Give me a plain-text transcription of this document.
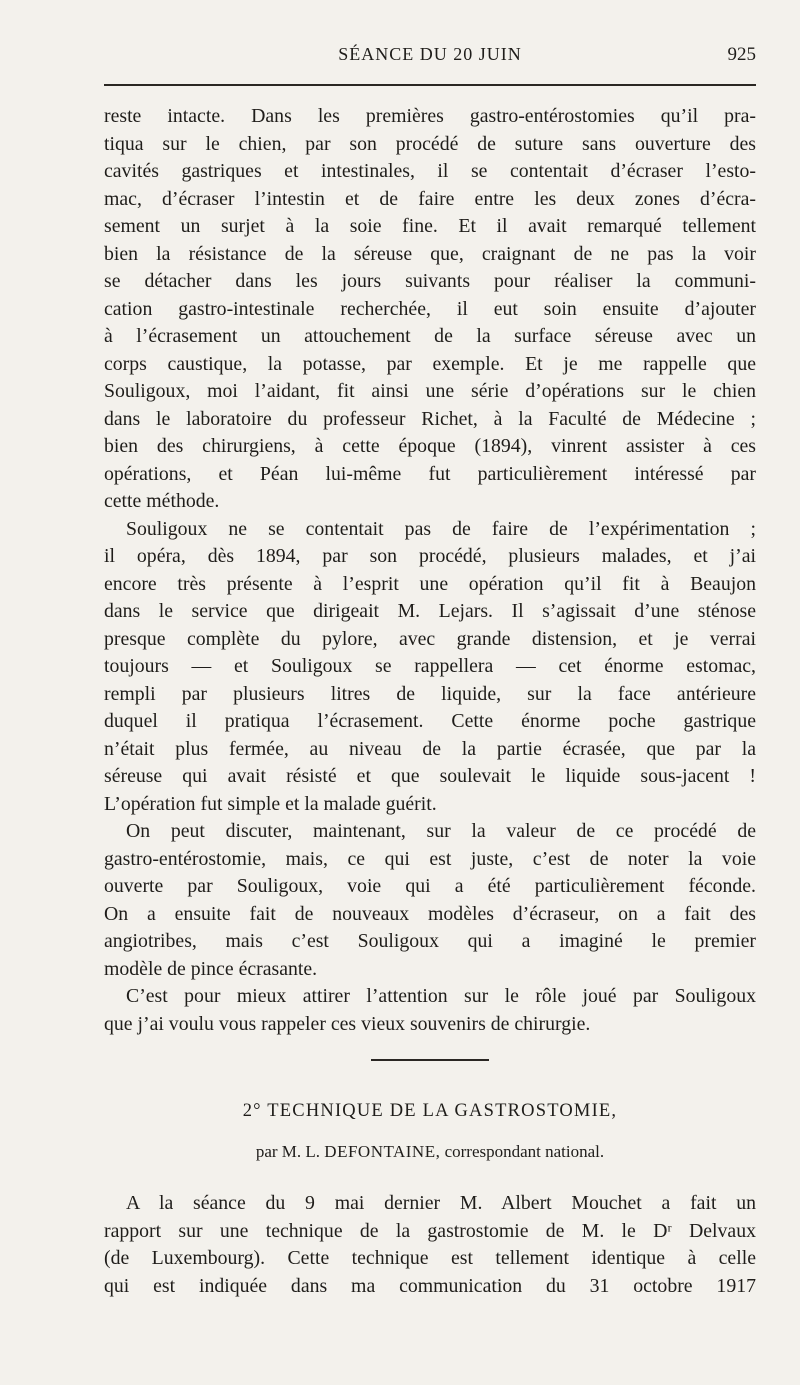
SÉANCE DU 20 JUIN	925

reste intacte. Dans les premières gastro-entérostomies qu’il pra-
tiqua sur le chien, par son procédé de suture sans ouverture des
cavités gastriques et intestinales, il se contentait d’écraser l’esto-
mac, d’écraser l’intestin et de faire entre les deux zones d’écra-
sement un surjet à la soie fine. Et il avait remarqué tellement
bien la résistance de la séreuse que, craignant de ne pas la voir
se détacher dans les jours suivants pour réaliser la communi-
cation gastro-intestinale recherchée, il eut soin ensuite d’ajouter
à l’écrasement un attouchement de la surface séreuse avec un
corps caustique, la potasse, par exemple. Et je me rappelle que
Souligoux, moi l’aidant, fit ainsi une série d’opérations sur le chien
dans le laboratoire du professeur Richet, à la Faculté de Médecine ;
bien des chirurgiens, à cette époque (1894), vinrent assister à ces
opérations, et Péan lui-même fut particulièrement intéressé par
cette méthode.

Souligoux ne se contentait pas de faire de l’expérimentation ;
il opéra, dès 1894, par son procédé, plusieurs malades, et j’ai
encore très présente à l’esprit une opération qu’il fit à Beaujon
dans le service que dirigeait M. Lejars. Il s’agissait d’une sténose
presque complète du pylore, avec grande distension, et je verrai
toujours — et Souligoux se rappellera — cet énorme estomac,
rempli par plusieurs litres de liquide, sur la face antérieure
duquel il pratiqua l’écrasement. Cette énorme poche gastrique
n’était plus fermée, au niveau de la partie écrasée, que par la
séreuse qui avait résisté et que soulevait le liquide sous-jacent !
L’opération fut simple et la malade guérit.

On peut discuter, maintenant, sur la valeur de ce procédé de
gastro-entérostomie, mais, ce qui est juste, c’est de noter la voie
ouverte par Souligoux, voie qui a été particulièrement féconde.
On a ensuite fait de nouveaux modèles d’écraseur, on a fait des
angiotribes, mais c’est Souligoux qui a imaginé le premier
modèle de pince écrasante.

C’est pour mieux attirer l’attention sur le rôle joué par Souligoux
que j’ai voulu vous rappeler ces vieux souvenirs de chirurgie.

2° TECHNIQUE DE LA GASTROSTOMIE,
par M. L. DEFONTAINE, correspondant national.

A la séance du 9 mai dernier M. Albert Mouchet a fait un
rapport sur une technique de la gastrostomie de M. le Dʳ Delvaux
(de Luxembourg). Cette technique est tellement identique à celle
qui est indiquée dans ma communication du 31 octobre 1917
